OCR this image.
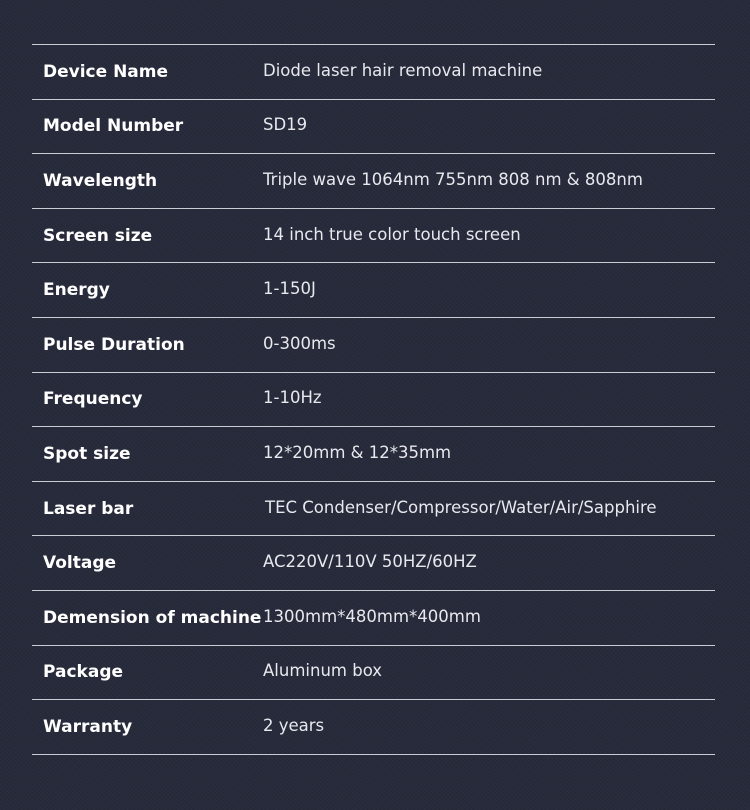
Device Name	Diode laser hair removal machine
Model Number	SD19
Wavelength	Triple wave 1064nm 755nm 808 nm & 808nm
Screen size	14 inch true color touch screen
Energy	1-150J
Pulse Duration	0-300ms
Frequency	1-10Hz
Spot size	12*20mm & 12*35mm
Laser bar	TEC Condenser/Compressor/Water/Air/Sapphire
Voltage	AC220V/110V 50HZ/60HZ
Demension of machine 1300mm*480mm*400mm
Package	Aluminum box
Warranty	2 years
